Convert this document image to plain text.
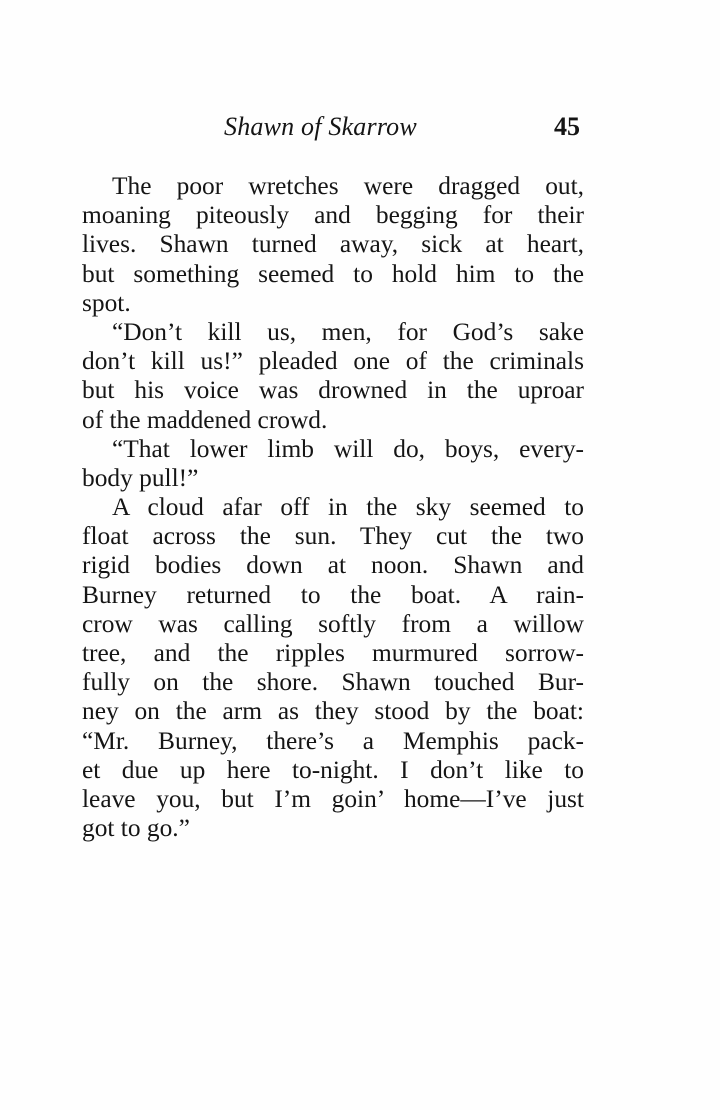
Shawn of Skarrow	45
The poor wretches were dragged out,
moaning piteously and begging for their
lives. Shawn turned away, sick at heart,
but something seemed to hold him to the
spot.
“Don’t kill us, men, for God’s sake
don’t kill us!” pleaded one of the criminals
but his voice was drowned in the uproar
of the maddened crowd.
“That lower limb will do, boys, every-
body pull!”
A cloud afar off in the sky seemed to
float across the sun. They cut the two
rigid bodies down at noon. Shawn and
Burney returned to the boat. A rain-
crow was calling softly from a willow
tree, and the ripples murmured sorrow-
fully on the shore. Shawn touched Bur-
ney on the arm as they stood by the boat:
“Mr. Burney, there’s a Memphis pack-
et due up here to-night. I don’t like to
leave you, but I’m goin’ home—I’ve just
got to go.”
